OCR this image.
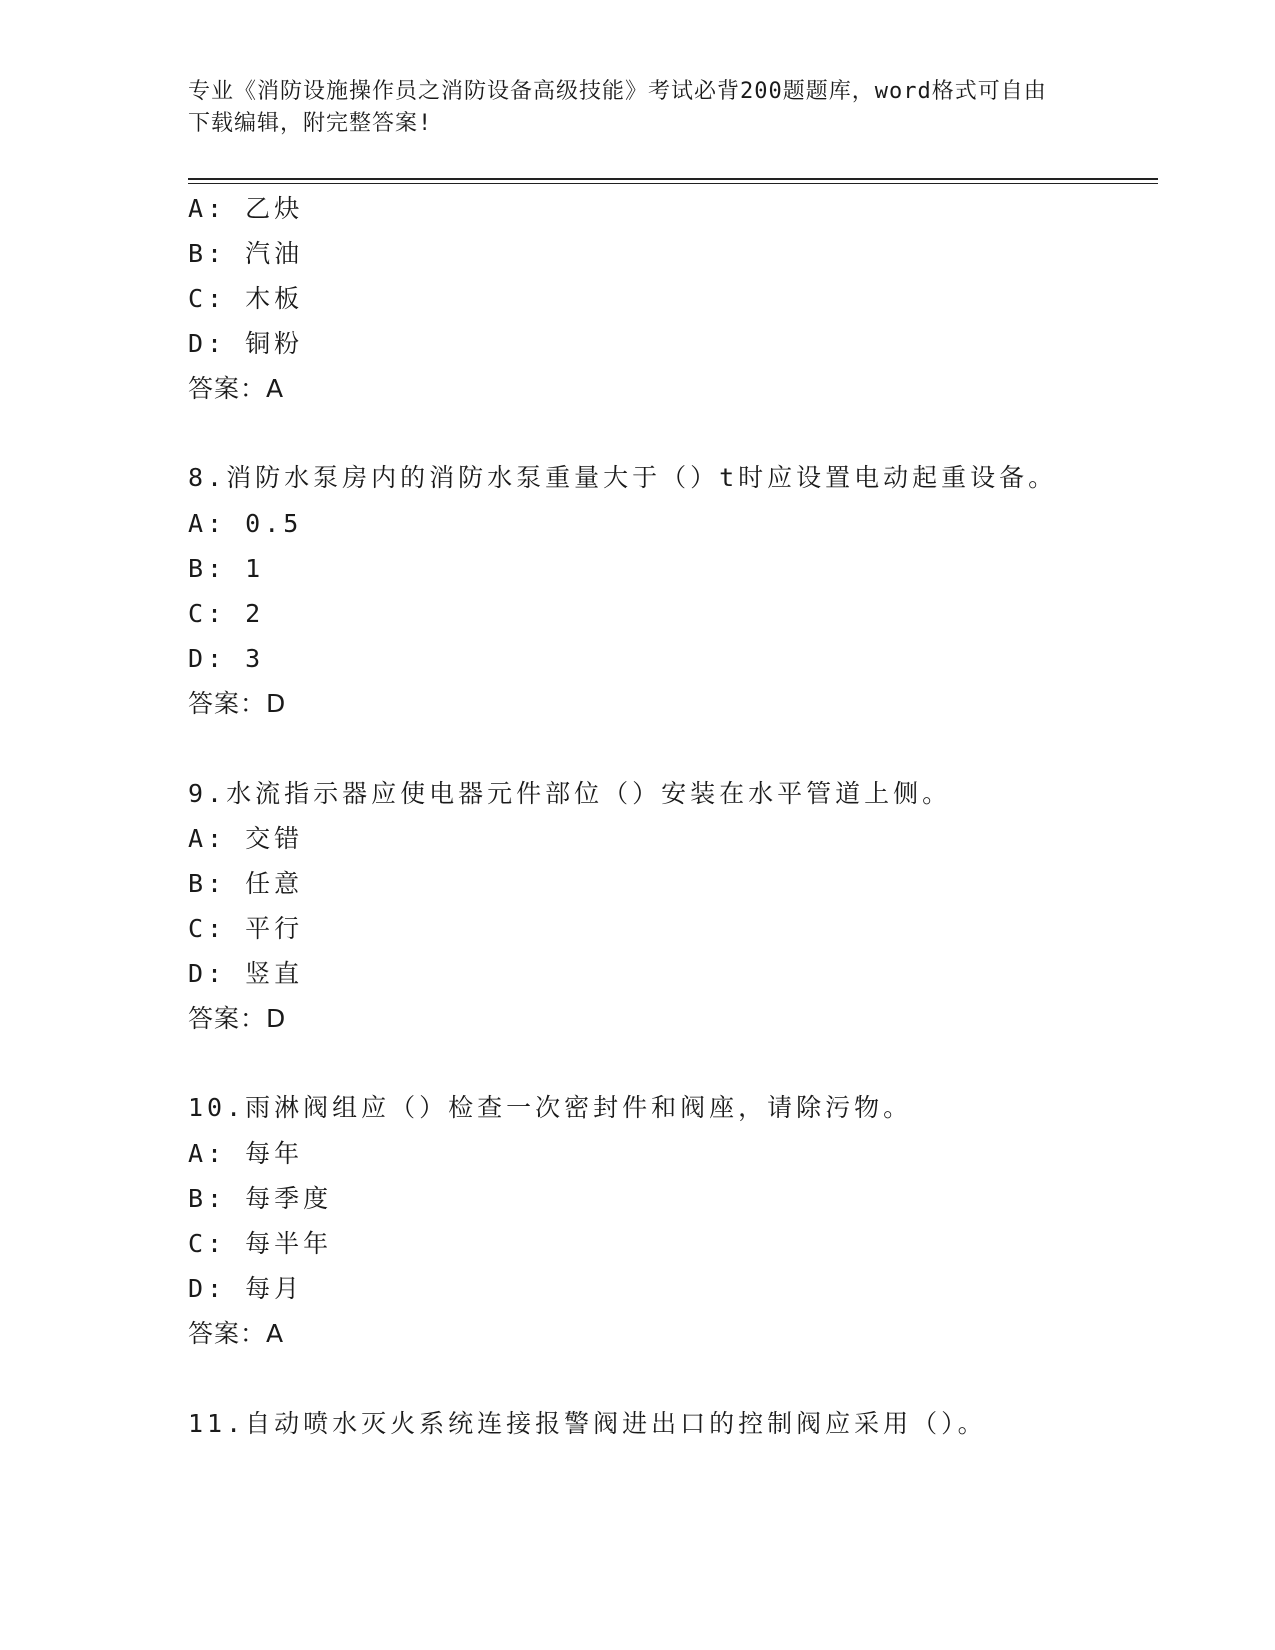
专业《消防设施操作员之消防设备高级技能》考试必背200题题库，word格式可自由下载编辑，附完整答案!
A: 乙炔
B: 汽油
C: 木板
D: 铜粉
答案：A
8.消防水泵房内的消防水泵重量大于（）t时应设置电动起重设备。
A: 0.5
B: 1
C: 2
D: 3
答案：D
9.水流指示器应使电器元件部位（）安装在水平管道上侧。
A: 交错
B: 任意
C: 平行
D: 竖直
答案：D
10.雨淋阀组应（）检查一次密封件和阀座，请除污物。
A: 每年
B: 每季度
C: 每半年
D: 每月
答案：A
11.自动喷水灭火系统连接报警阀进出口的控制阀应采用（）。
